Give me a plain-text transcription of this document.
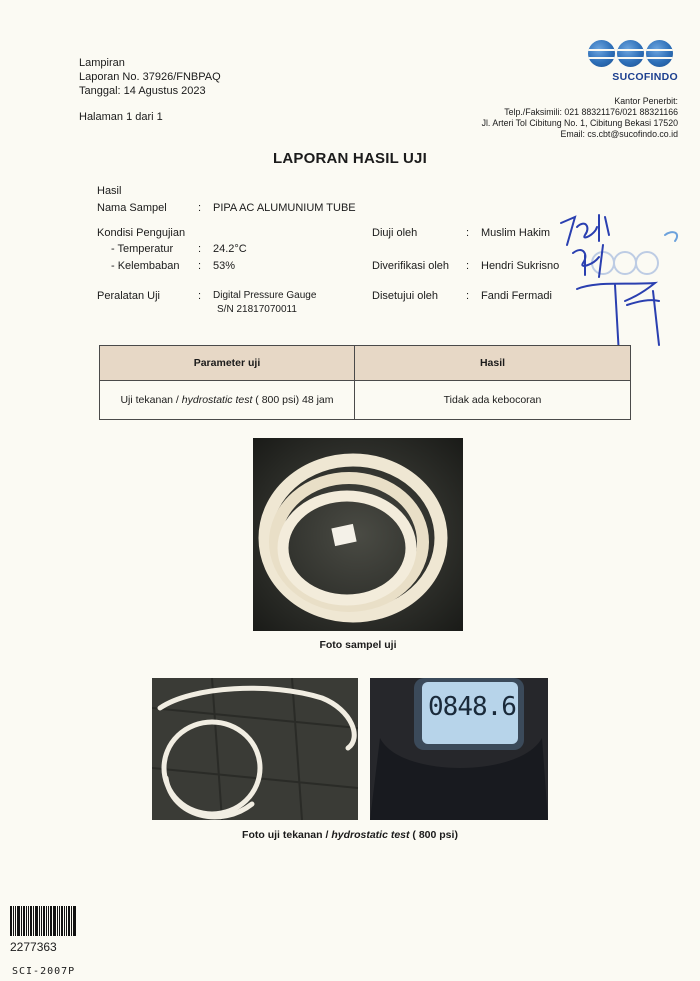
Lampiran
Laporan No. 37926/FNBPAQ
Tanggal: 14 Agustus 2023
Halaman 1 dari 1
SUCOFINDO
Kantor Penerbit:
Telp./Faksimili: 021 88321176/021 88321166
Jl. Arteri Tol Cibitung No. 1, Cibitung Bekasi 17520
Email: cs.cbt@sucofindo.co.id
LAPORAN HASIL UJI
Hasil
Nama Sampel	: PIPA AC ALUMUNIUM TUBE
Kondisi Pengujian
- Temperatur : 24.2°C
- Kelembaban : 53%
Peralatan Uji	: Digital Pressure Gauge
S/N 21817070011
Diuji oleh	: Muslim Hakim
Diverifikasi oleh : Hendri Sukrisno
Disetujui oleh	: Fandi Fermadi
Parameter uji	Hasil
Uji tekanan / hydrostatic test ( 800 psi) 48 jam	Tidak ada kebocoran
Foto sampel uji
0848.6
Foto uji tekanan / hydrostatic test ( 800 psi)
2277363
SCI-2007P
